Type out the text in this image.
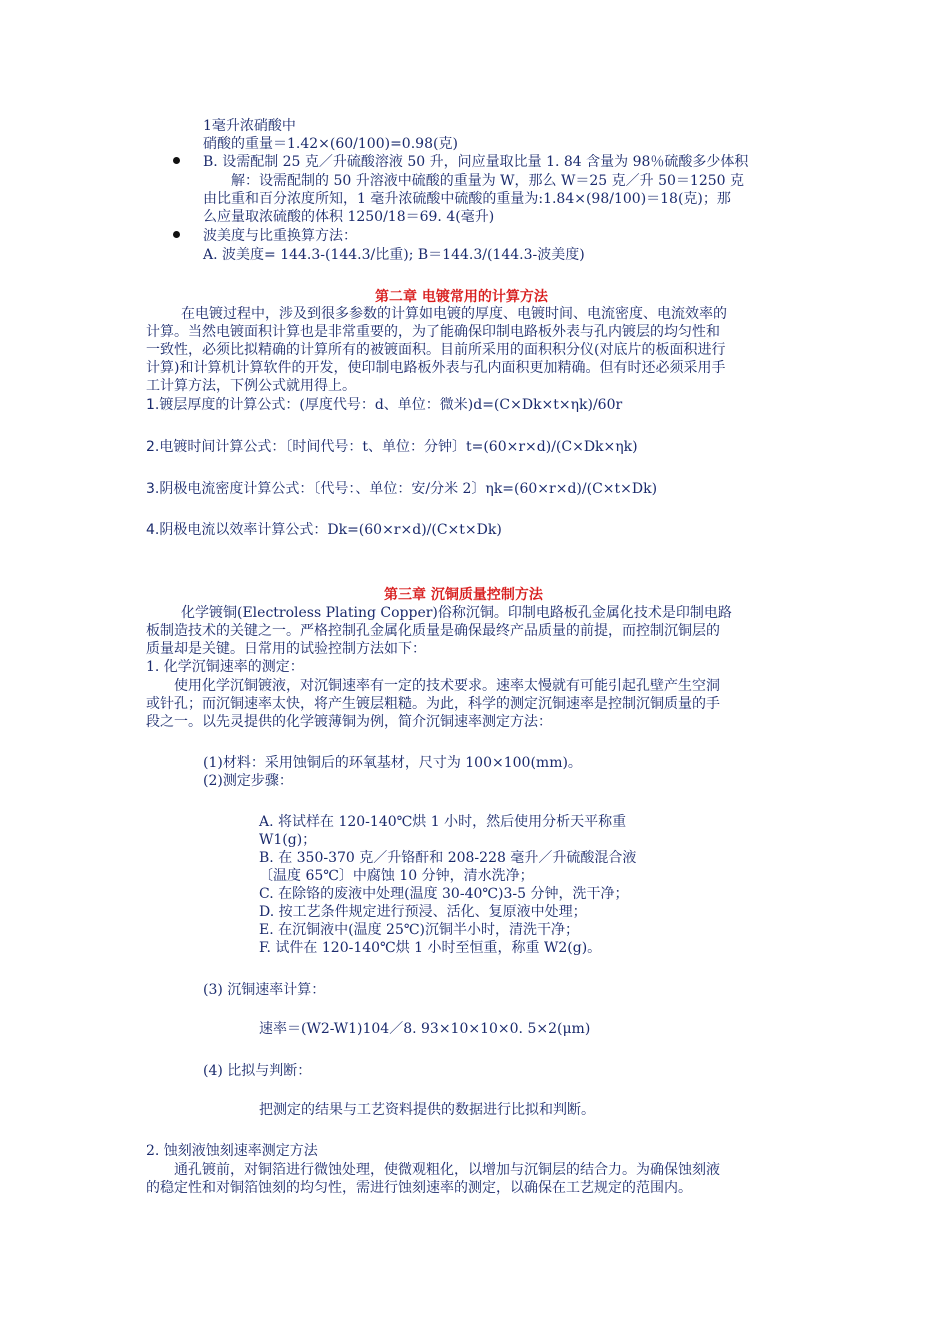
1毫升浓硝酸中
硝酸的重量＝1.42×(60/100)=0.98(克)
B. 设需配制 25 克／升硫酸溶液 50 升，问应量取比量 1. 84 含量为 98％硫酸多少体积
解：设需配制的 50 升溶液中硫酸的重量为 W，那么 W＝25 克／升 50＝1250 克
由比重和百分浓度所知，1 毫升浓硫酸中硫酸的重量为:1.84×(98/100)＝18(克)；那
么应量取浓硫酸的体积 1250/18＝69. 4(毫升)
波美度与比重换算方法：
A. 波美度= 144.3-(144.3/比重); B＝144.3/(144.3-波美度)
第二章 电镀常用的计算方法
在电镀过程中，涉及到很多参数的计算如电镀的厚度、电镀时间、电流密度、电流效率的
计算。当然电镀面积计算也是非常重要的，为了能确保印制电路板外表与孔内镀层的均匀性和
一致性，必须比拟精确的计算所有的被镀面积。目前所采用的面积积分仪(对底片的板面积进行
计算)和计算机计算软件的开发，使印制电路板外表与孔内面积更加精确。但有时还必须采用手
工计算方法，下例公式就用得上。
1.镀层厚度的计算公式：(厚度代号：d、单位：微米)d=(C×Dk×t×ηk)/60r
2.电镀时间计算公式：〔时间代号：t、单位：分钟〕t=(60×r×d)/(C×Dk×ηk)
3.阴极电流密度计算公式：〔代号：、单位：安/分米 2〕ηk=(60×r×d)/(C×t×Dk)
4.阴极电流以效率计算公式：Dk=(60×r×d)/(C×t×Dk)
第三章 沉铜质量控制方法
化学镀铜(Electroless Plating Copper)俗称沉铜。印制电路板孔金属化技术是印制电路
板制造技术的关键之一。严格控制孔金属化质量是确保最终产品质量的前提，而控制沉铜层的
质量却是关键。日常用的试验控制方法如下：
1. 化学沉铜速率的测定：
使用化学沉铜镀液，对沉铜速率有一定的技术要求。速率太慢就有可能引起孔壁产生空洞
或针孔；而沉铜速率太快，将产生镀层粗糙。为此，科学的测定沉铜速率是控制沉铜质量的手
段之一。以先灵提供的化学镀薄铜为例，简介沉铜速率测定方法：
(1)材料：采用蚀铜后的环氧基材，尺寸为 100×100(mm)。
(2)测定步骤：
A. 将试样在 120-140℃烘 1 小时，然后使用分析天平称重
W1(g)；
B. 在 350-370 克／升铬酐和 208-228 毫升／升硫酸混合液
〔温度 65℃〕中腐蚀 10 分钟，清水洗净；
C. 在除铬的废液中处理(温度 30-40℃)3-5 分钟，洗干净；
D. 按工艺条件规定进行预浸、活化、复原液中处理；
E. 在沉铜液中(温度 25℃)沉铜半小时，清洗干净；
F. 试件在 120-140℃烘 1 小时至恒重，称重 W2(g)。
(3) 沉铜速率计算：
速率＝(W2-W1)104／8. 93×10×10×0. 5×2(μm)
(4) 比拟与判断：
把测定的结果与工艺资料提供的数据进行比拟和判断。
2. 蚀刻液蚀刻速率测定方法
通孔镀前，对铜箔进行微蚀处理，使微观粗化，以增加与沉铜层的结合力。为确保蚀刻液
的稳定性和对铜箔蚀刻的均匀性，需进行蚀刻速率的测定，以确保在工艺规定的范围内。
